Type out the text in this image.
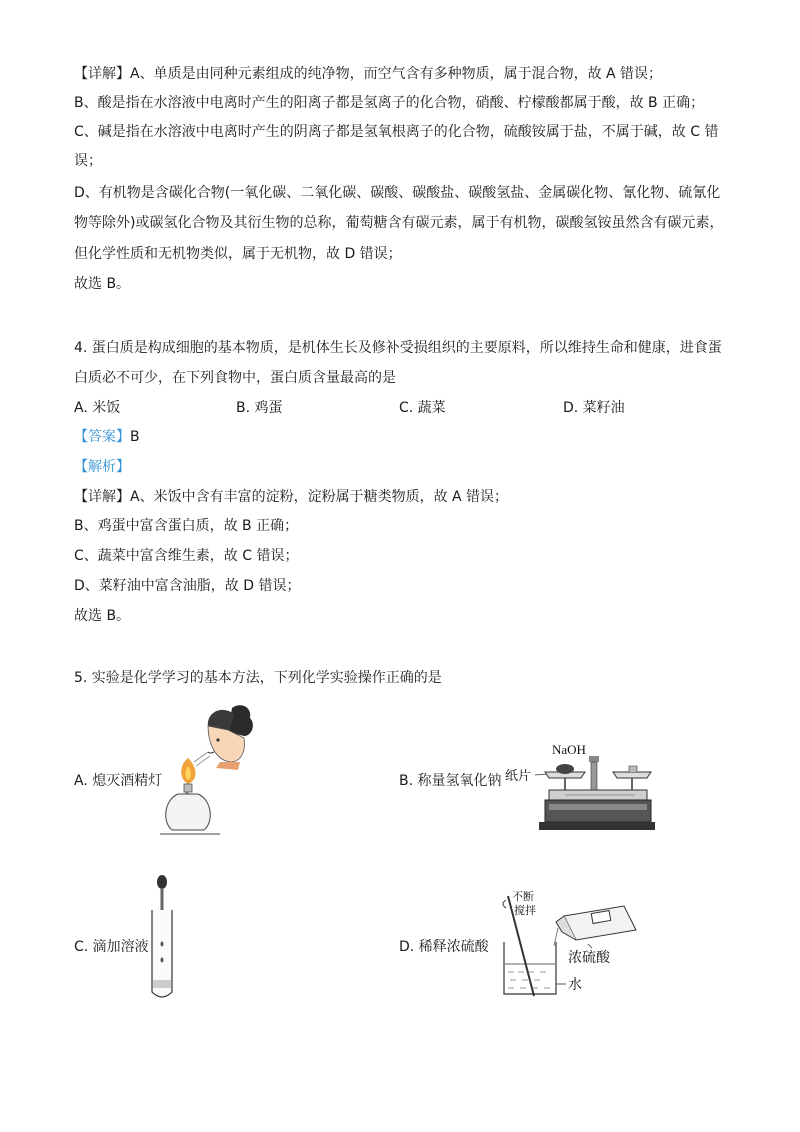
【详解】A、单质是由同种元素组成的纯净物，而空气含有多种物质，属于混合物，故 A 错误；
B、酸是指在水溶液中电离时产生的阳离子都是氢离子的化合物，硝酸、柠檬酸都属于酸，故 B 正确；
C、碱是指在水溶液中电离时产生的阴离子都是氢氧根离子的化合物，硫酸铵属于盐，不属于碱，故 C 错
误；
D、有机物是含碳化合物(一氧化碳、二氧化碳、碳酸、碳酸盐、碳酸氢盐、金属碳化物、氰化物、硫氰化
物等除外)或碳氢化合物及其衍生物的总称，葡萄糖含有碳元素，属于有机物，碳酸氢铵虽然含有碳元素，
但化学性质和无机物类似，属于无机物，故 D 错误；
故选 B。
4. 蛋白质是构成细胞的基本物质，是机体生长及修补受损组织的主要原料，所以维持生命和健康，进食蛋
白质必不可少，在下列食物中，蛋白质含量最高的是
A. 米饭	B. 鸡蛋	C. 蔬菜	D. 菜籽油
【答案】B
【解析】
【详解】A、米饭中含有丰富的淀粉，淀粉属于糖类物质，故 A 错误；
B、鸡蛋中富含蛋白质，故 B 正确；
C、蔬菜中富含维生素，故 C 错误；
D、菜籽油中富含油脂，故 D 错误；
故选 B。
5. 实验是化学学习的基本方法，下列化学实验操作正确的是
A. 熄灭酒精灯	B. 称量氢氧化钠
C. 滴加溶液	D. 稀释浓硫酸
NaOH
纸片
不断
搅拌
浓硫酸
水
